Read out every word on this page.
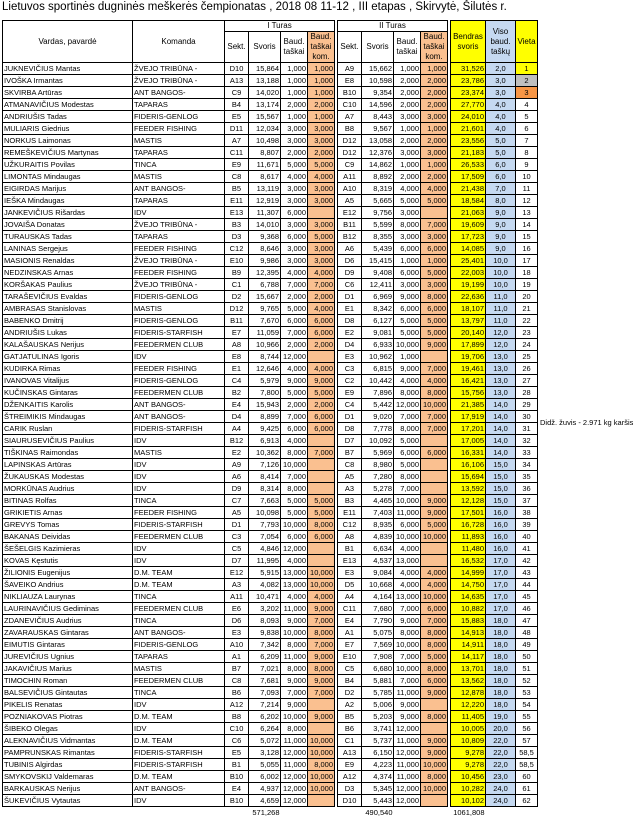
Lietuvos sportinės dugninės meškerės čempionatas , 2018 08 11-12 , III etapas , Skirvytė, Šilutės r.
Vardas, pavardė	Komanda	I Turas					II Turas					Bendras svoris	Viso baud. taškų	Vieta
		Sekt.	Svoris	Baud. taškai	Baud. taškai kom.		Sekt.	Svoris	Baud. taškai	Baud. taškai kom.				
JUKNEVIČIUS Mantas	ŽVEJO TRIBŪNA -	D10	15,864	1,000	1,000		A9	15,662	1,000	1,000		31,526	2,0	1
IVOŠKA Irmantas	ŽVEJO TRIBŪNA -	A13	13,188	1,000	1,000		E8	10,598	2,000	2,000		23,786	3,0	2
SKVIRBA Artūras	ANT BANGOS-	C9	14,020	1,000	1,000		B10	9,354	2,000	2,000		23,374	3,0	3
ATMANAVIČIUS Modestas	TAPARAS	B4	13,174	2,000	2,000		C10	14,596	2,000	2,000		27,770	4,0	4
ANDRIUŠIS Tadas	FIDERIS-GENLOG	E5	15,567	1,000	1,000		A7	8,443	3,000	3,000		24,010	4,0	5
MULIARIS Giedrius	FEEDER FISHING	D11	12,034	3,000	3,000		B8	9,567	1,000	1,000		21,601	4,0	6
NORKUS Laimonas	MASTIS	A7	10,498	3,000	3,000		D12	13,058	2,000	2,000		23,556	5,0	7
REMEŠKEVIČIUS Martynas	TAPARAS	C11	8,807	2,000	2,000		D12	12,376	3,000	3,000		21,183	5,0	8
UŽKURAITIS Povilas	TINCA	E9	11,671	5,000	5,000		C9	14,862	1,000	1,000		26,533	6,0	9
LIMONTAS Mindaugas	MASTIS	C8	8,617	4,000	4,000		A11	8,892	2,000	2,000		17,509	6,0	10
EIGIRDAS Marijus	ANT BANGOS-	B5	13,119	3,000	3,000		A10	8,319	4,000	4,000		21,438	7,0	11
IEŠKA Mindaugas	TAPARAS	E11	12,919	3,000	3,000		A5	5,665	5,000	5,000		18,584	8,0	12
JANKEVIČIUS Rišardas	IDV	E13	11,307	6,000			E12	9,756	3,000			21,063	9,0	13
JOVAIŠA Donatas	ŽVEJO TRIBŪNA -	B3	14,010	3,000	3,000		B11	5,599	8,000	7,000		19,609	9,0	14
TURAUSKAS Tadas	TAPARAS	D3	9,368	6,000	5,000		B12	8,355	3,000	3,000		17,723	9,0	15
LANINAS Sergejus	FEEDER FISHING	C12	8,646	3,000	3,000		A6	5,439	6,000	6,000		14,085	9,0	16
MASIONIS Renaldas	ŽVEJO TRIBŪNA -	E10	9,986	3,000	3,000		D6	15,415	1,000	1,000		25,401	10,0	17
NEDZINSKAS Arnas	FEEDER FISHING	B9	12,395	4,000	4,000		D9	9,408	6,000	5,000		22,003	10,0	18
KORŠAKAS Paulius	ŽVEJO TRIBŪNA -	C1	6,788	7,000	7,000		C6	12,411	3,000	3,000		19,199	10,0	19
TARAŠEVIČIUS Evaldas	FIDERIS-GENLOG	D2	15,667	2,000	2,000		D1	6,969	9,000	8,000		22,636	11,0	20
AMBRASAS Stanislovas	MASTIS	D12	9,765	5,000	4,000		E1	8,342	6,000	6,000		18,107	11,0	21
BABENKO Dmitrij	FIDERIS-GENLOG	B11	7,670	6,000	6,000		D8	6,127	5,000	5,000		13,797	11,0	22
ANDRIUŠIS Lukas	FIDERIS-STARFISH	E7	11,059	7,000	6,000		E2	9,081	5,000	5,000		20,140	12,0	23
KALAŠAUSKAS Nerijus	FEEDERMEN CLUB	A8	10,966	2,000	2,000		D4	6,933	10,000	9,000		17,899	12,0	24
GATJATULINAS Igoris	IDV	E8	8,744	12,000			E3	10,962	1,000			19,706	13,0	25
KUDIRKA Rimas	FEEDER FISHING	E1	12,646	4,000	4,000		C3	6,815	9,000	7,000		19,461	13,0	26
IVANOVAS Vitalijus	FIDERIS-GENLOG	C4	5,979	9,000	9,000		C2	10,442	4,000	4,000		16,421	13,0	27
KUČINSKAS Gintaras	FEEDERMEN CLUB	B2	7,800	5,000	5,000		E9	7,896	8,000	8,000		15,756	13,0	28
DŽENKAITIS Karolis	ANT BANGOS-	E4	15,943	2,000	2,000		C4	5,442	12,000	10,000		21,385	14,0	29
ŠTREIMIKIS Mindaugas	ANT BANGOS-	D4	8,899	7,000	6,000		D1	9,020	7,000	7,000		17,919	14,0	30
CARIK Ruslan	FIDERIS-STARFISH	A4	9,425	6,000	6,000		D8	7,778	8,000	7,000		17,201	14,0	31
SIAURUSEVIČIUS Paulius	IDV	B12	6,913	4,000			D7	10,092	5,000			17,005	14,0	32
TIŠKINAS Raimondas	MASTIS	E2	10,362	8,000	7,000		B7	5,969	6,000	6,000		16,331	14,0	33
LAPINSKAS Artūras	IDV	A9	7,126	10,000			C8	8,980	5,000			16,106	15,0	34
ŽUKAUSKAS Modestas	IDV	A6	8,414	7,000			A5	7,280	8,000			15,694	15,0	35
MORKŪNAS Audrius	IDV	D9	8,314	8,000			A3	5,278	7,000			13,592	15,0	36
BITINAS Rolfas	TINCA	C7	7,663	5,000	5,000		B3	4,465	10,000	9,000		12,128	15,0	37
GRIKIETIS Arnas	FEEDER FISHING	A5	10,098	5,000	5,000		E11	7,403	11,000	9,000		17,501	16,0	38
GREVYS Tomas	FIDERIS-STARFISH	D1	7,793	10,000	8,000		C12	8,935	6,000	5,000		16,728	16,0	39
BAKANAS Deividas	FEEDERMEN CLUB	C3	7,054	6,000	6,000		A8	4,839	10,000	10,000		11,893	16,0	40
ŠEŠELGIS Kazimieras	IDV	C5	4,846	12,000			B1	6,634	4,000			11,480	16,0	41
KOVAS Kęstutis	IDV	D7	11,995	4,000			E13	4,537	13,000			16,532	17,0	42
ŽILIONIS Eugenijus	D.M. TEAM	E12	5,915	13,000	10,000		E3	9,084	4,000	4,000		14,999	17,0	43
ŠAVEIKO Andrius	D.M. TEAM	A3	4,082	13,000	10,000		D5	10,668	4,000	4,000		14,750	17,0	44
NIKLIAUZA Laurynas	TINCA	A11	10,471	4,000	4,000		A4	4,164	13,000	10,000		14,635	17,0	45
LAURINAVIČIUS Gediminas	FEEDERMEN CLUB	E6	3,202	11,000	9,000		C11	7,680	7,000	6,000		10,882	17,0	46
ZDANEVIČIUS Audrius	TINCA	D6	8,093	9,000	7,000		E4	7,790	9,000	7,000		15,883	18,0	47
ZAVARAUSKAS Gintaras	ANT BANGOS-	E3	9,838	10,000	8,000		A1	5,075	8,000	8,000		14,913	18,0	48
EIMUTIS Gintaras	FIDERIS-GENLOG	A10	7,342	8,000	7,000		E7	7,569	10,000	8,000		14,911	18,0	49
JUREVIČIUS Ugnius	TAPARAS	A1	6,209	11,000	9,000		E10	7,908	7,000	5,000		14,117	18,0	50
JAKAVIČIUS Marius	MASTIS	B7	7,021	8,000	8,000		C5	6,680	10,000	8,000		13,701	18,0	51
TIMOCHIN Roman	FEEDERMEN CLUB	C8	7,681	9,000	9,000		B4	5,881	7,000	6,000		13,562	18,0	52
BALSEVIČIUS Gintautas	TINCA	B6	7,093	7,000	7,000		D2	5,785	11,000	9,000		12,878	18,0	53
PIKELIS Renatas	IDV	A12	7,214	9,000			A2	5,006	9,000			12,220	18,0	54
POZNIAKOVAS Piotras	D.M. TEAM	B8	6,202	10,000	9,000		B5	5,203	9,000	8,000		11,405	19,0	55
ŠIBEKO Olegas	IDV	C10	6,264	8,000			B6	3,741	12,000			10,005	20,0	56
ALEKNAVIČIUS Vidmantas	D.M. TEAM	C6	5,072	11,000	10,000		C1	5,737	11,000	9,000		10,809	22,0	57
PAMPRUNSKAS Rimantas	FIDERIS-STARFISH	E5	3,128	12,000	10,000		A13	6,150	12,000	9,000		9,278	22,0	58,5
TUBINIS Algirdas	FIDERIS-STARFISH	B1	5,055	11,000	8,000		E9	4,223	11,000	10,000		9,278	22,0	58,5
SMYKOVSKIJ Valdemaras	D.M. TEAM	B10	6,002	12,000	10,000		A12	4,374	11,000	8,000		10,456	23,0	60
BARKAUSKAS Nerijus	ANT BANGOS-	E4	4,937	12,000	10,000		D3	5,345	12,000	10,000		10,282	24,0	61
ŠUKEVIČIUS Vytautas	IDV	B10	4,659	12,000			D10	5,443	12,000			10,102	24,0	62
			571,268					490,540				1061,808		
Didž. žuvis - 2.971 kg karšis
